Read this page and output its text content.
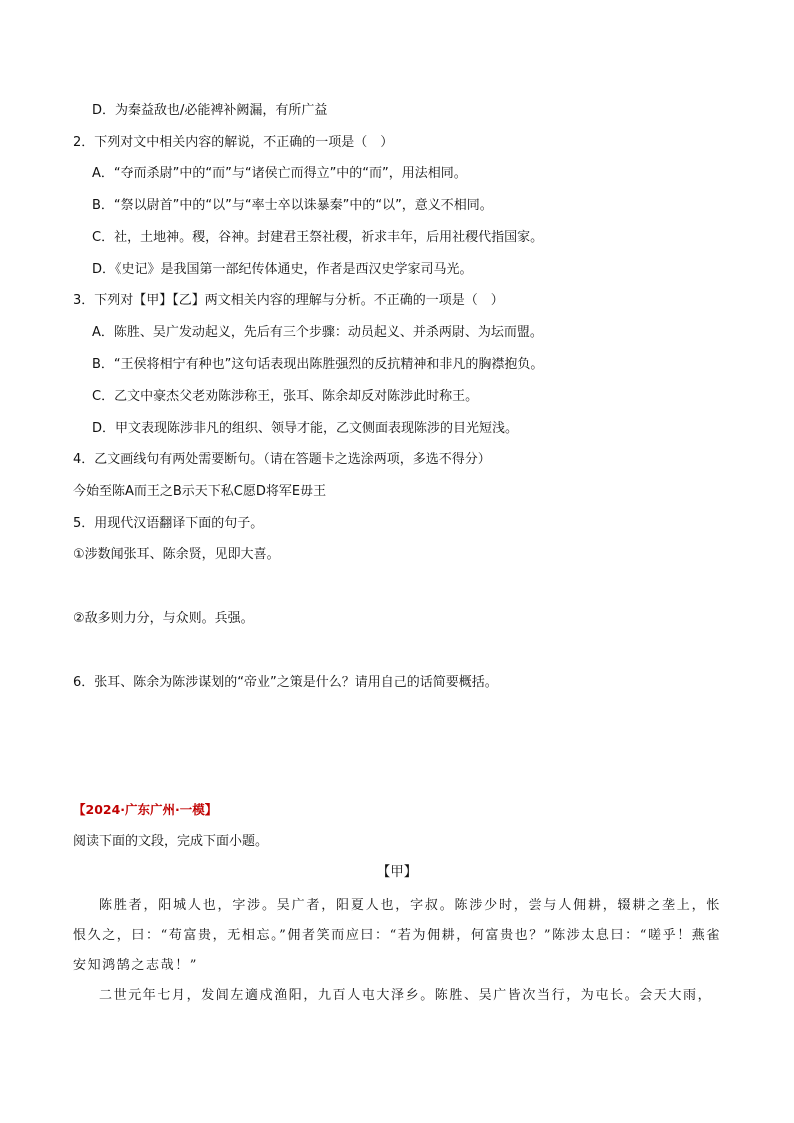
D．为秦益敌也/必能裨补阙漏，有所广益
2．下列对文中相关内容的解说，不正确的一项是（　）
A．“夺而杀尉”中的“而”与“诸侯亡而得立”中的“而”，用法相同。
B．“祭以尉首”中的“以”与“率士卒以诛暴秦”中的“以”，意义不相同。
C．社，土地神。稷，谷神。封建君王祭社稷，祈求丰年，后用社稷代指国家。
D．《史记》是我国第一部纪传体通史，作者是西汉史学家司马光。
3．下列对【甲】【乙】两文相关内容的理解与分析。不正确的一项是（　）
A．陈胜、吴广发动起义，先后有三个步骤：动员起义、并杀两尉、为坛而盟。
B．“王侯将相宁有种也”这句话表现出陈胜强烈的反抗精神和非凡的胸襟抱负。
C．乙文中豪杰父老劝陈涉称王，张耳、陈余却反对陈涉此时称王。
D．甲文表现陈涉非凡的组织、领导才能，乙文侧面表现陈涉的目光短浅。
4．乙文画线句有两处需要断句。（请在答题卡之选涂两项，多选不得分）
今始至陈A而王之B示天下私C愿D将军E毋王
5．用现代汉语翻译下面的句子。
①涉数闻张耳、陈余贤，见即大喜。
②敌多则力分，与众则。兵强。
6．张耳、陈余为陈涉谋划的“帝业”之策是什么？请用自己的话简要概括。
【2024·广东广州·一模】
阅读下面的文段，完成下面小题。
【甲】

陈胜者，阳城人也，字涉。吴广者，阳夏人也，字叔。陈涉少时，尝与人佣耕，辍耕之垄上，怅恨久之，曰：“苟富贵，无相忘。”佣者笑而应曰：“若为佣耕，何富贵也？”陈涉太息曰：“嗟乎！燕雀安知鸿鹄之志哉！”

二世元年七月，发闾左適戍渔阳，九百人屯大泽乡。陈胜、吴广皆次当行，为屯长。会天大雨，
